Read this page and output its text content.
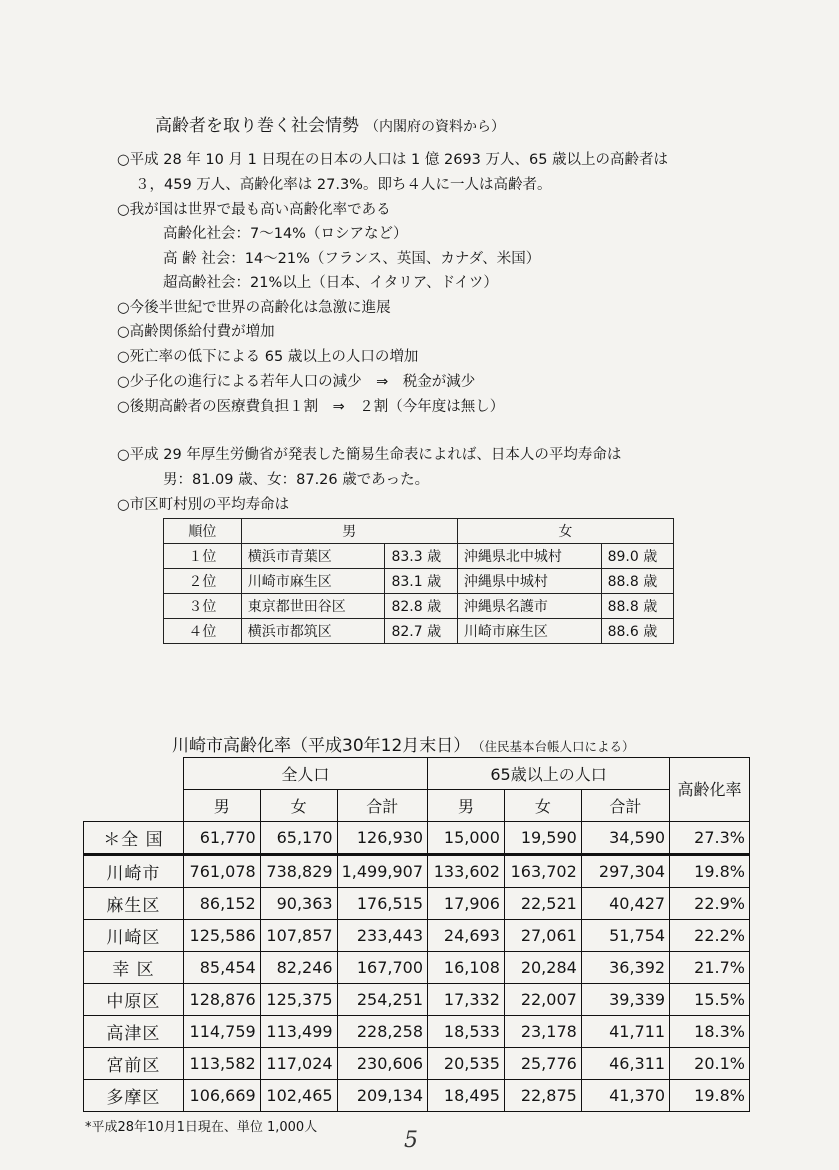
高齢者を取り巻く社会情勢 （内閣府の資料から）
○平成 28 年 10 月 1 日現在の日本の人口は 1 億 2693 万人、65 歳以上の高齢者は
３，459 万人、高齢化率は 27.3%。即ち４人に一人は高齢者。
○我が国は世界で最も高い高齢化率である
高齢化社会：7〜14%（ロシアなど）
高 齢 社会：14〜21%（フランス、英国、カナダ、米国）
超高齢社会：21%以上（日本、イタリア、ドイツ）
○今後半世紀で世界の高齢化は急激に進展
○高齢関係給付費が増加
○死亡率の低下による 65 歳以上の人口の増加
○少子化の進行による若年人口の減少　⇒　税金が減少
○後期高齢者の医療費負担１割　⇒　２割（今年度は無し）
○平成 29 年厚生労働省が発表した簡易生命表によれば、日本人の平均寿命は
男：81.09 歳、女：87.26 歳であった。
○市区町村別の平均寿命は
順位	男		女	
１位	横浜市青葉区	83.3 歳	沖縄県北中城村	89.0 歳
２位	川崎市麻生区	83.1 歳	沖縄県中城村	88.8 歳
３位	東京都世田谷区	82.8 歳	沖縄県名護市	88.8 歳
４位	横浜市都筑区	82.7 歳	川崎市麻生区	88.6 歳
川崎市高齢化率（平成30年12月末日） （住民基本台帳人口による）
	全人口			65歳以上の人口			高齢化率
	男	女	合計	男	女	合計	
＊全 国	61,770	65,170	126,930	15,000	19,590	34,590	27.3%
川崎市	761,078	738,829	1,499,907	133,602	163,702	297,304	19.8%
麻生区	86,152	90,363	176,515	17,906	22,521	40,427	22.9%
川崎区	125,586	107,857	233,443	24,693	27,061	51,754	22.2%
幸 区	85,454	82,246	167,700	16,108	20,284	36,392	21.7%
中原区	128,876	125,375	254,251	17,332	22,007	39,339	15.5%
高津区	114,759	113,499	228,258	18,533	23,178	41,711	18.3%
宮前区	113,582	117,024	230,606	20,535	25,776	46,311	20.1%
多摩区	106,669	102,465	209,134	18,495	22,875	41,370	19.8%
*平成28年10月1日現在、単位 1,000人
5
